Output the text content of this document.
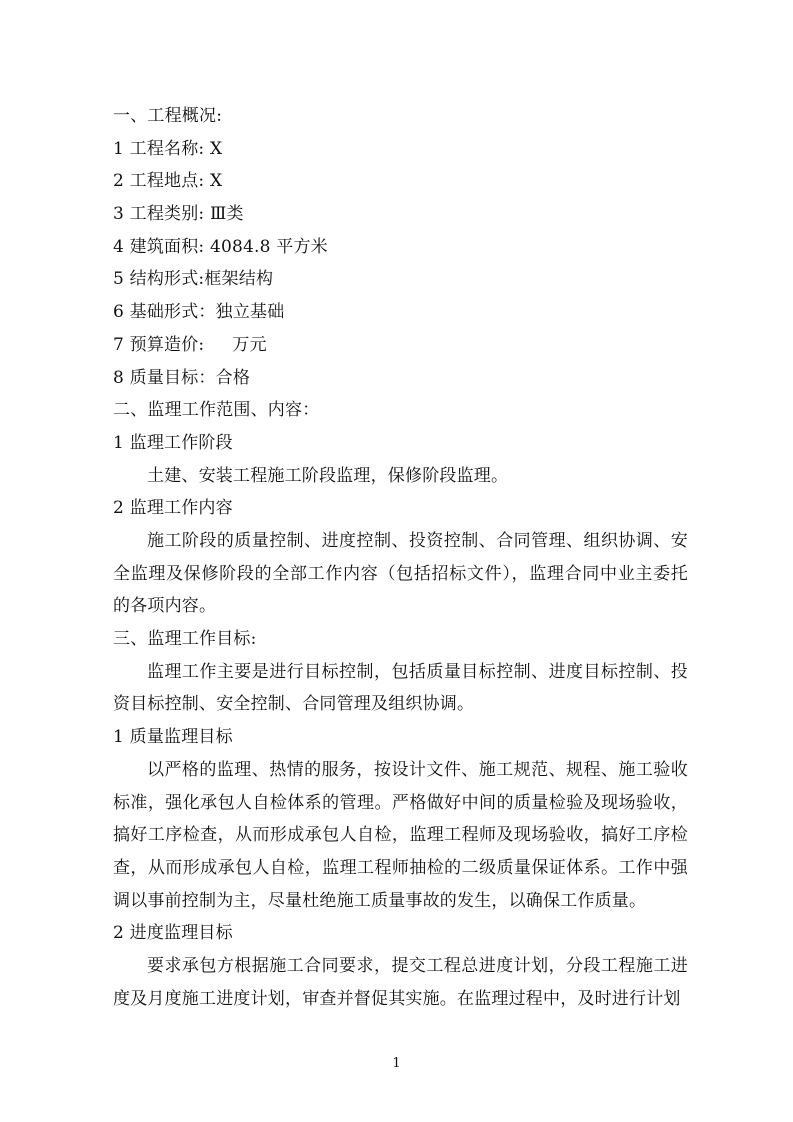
一、工程概况:
1 工程名称: X
2 工程地点: X
3 工程类别: Ⅲ类
4 建筑面积: 4084.8 平方米
5 结构形式:框架结构
6 基础形式：独立基础
7 预算造价:     万元
8 质量目标：合格
二、监理工作范围、内容：
1 监理工作阶段

土建、安装工程施工阶段监理，保修阶段监理。

2 监理工作内容

施工阶段的质量控制、进度控制、投资控制、合同管理、组织协调、安全监理及保修阶段的全部工作内容（包括招标文件），监理合同中业主委托的各项内容。

三、监理工作目标:

监理工作主要是进行目标控制，包括质量目标控制、进度目标控制、投资目标控制、安全控制、合同管理及组织协调。

1 质量监理目标

以严格的监理、热情的服务，按设计文件、施工规范、规程、施工验收标准，强化承包人自检体系的管理。严格做好中间的质量检验及现场验收，搞好工序检查，从而形成承包人自检，监理工程师及现场验收，搞好工序检查，从而形成承包人自检，监理工程师抽检的二级质量保证体系。工作中强调以事前控制为主，尽量杜绝施工质量事故的发生，以确保工作质量。

2 进度监理目标

要求承包方根据施工合同要求，提交工程总进度计划，分段工程施工进度及月度施工进度计划，审查并督促其实施。在监理过程中，及时进行计划

1
